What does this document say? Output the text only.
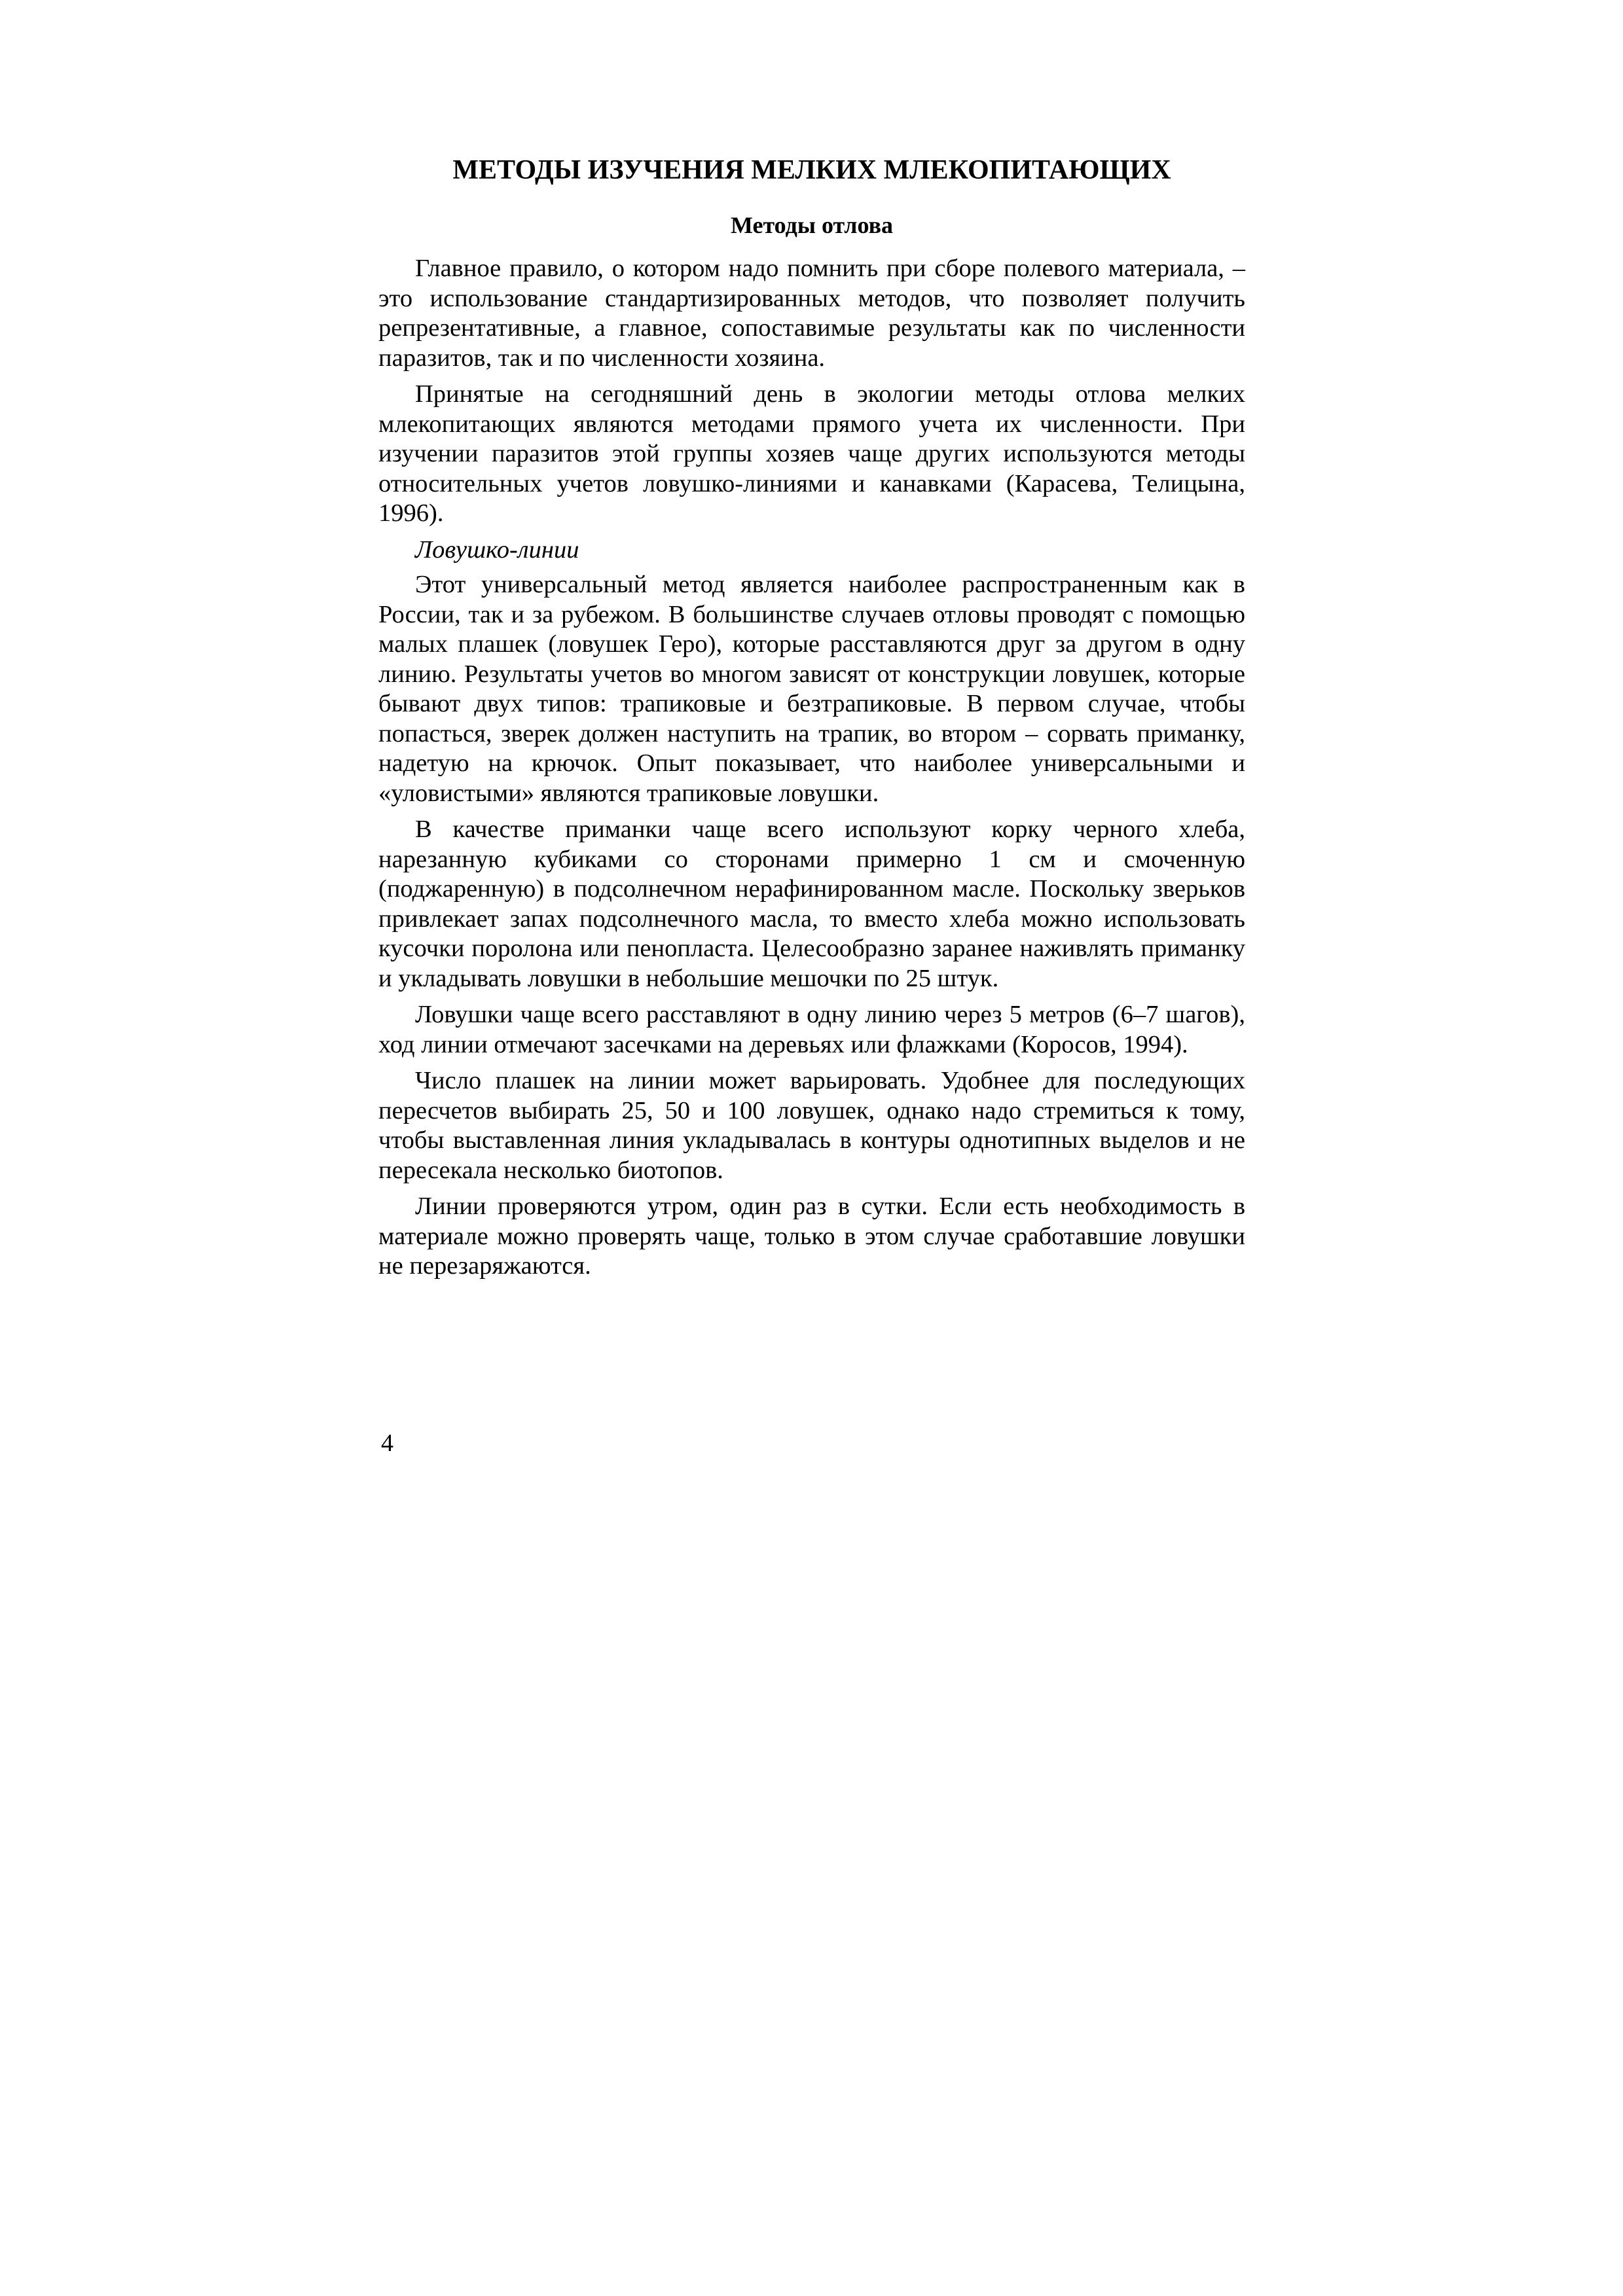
МЕТОДЫ ИЗУЧЕНИЯ МЕЛКИХ МЛЕКОПИТАЮЩИХ
Методы отлова

Главное правило, о котором надо помнить при сборе полевого материала, – это использование стандартизированных методов, что позволяет получить репрезентативные, а главное, сопоставимые результаты как по численности паразитов, так и по численности хозяина.

Принятые на сегодняшний день в экологии методы отлова мелких млекопитающих являются методами прямого учета их численности. При изучении паразитов этой группы хозяев чаще других используются методы относительных учетов ловушко-линиями и канавками (Карасева, Телицына, 1996).

Ловушко-линии

Этот универсальный метод является наиболее распространенным как в России, так и за рубежом. В большинстве случаев отловы проводят с помощью малых плашек (ловушек Геро), которые расставляются друг за другом в одну линию. Результаты учетов во многом зависят от конструкции ловушек, которые бывают двух типов: трапиковые и безтрапиковые. В первом случае, чтобы попасться, зверек должен наступить на трапик, во втором – сорвать приманку, надетую на крючок. Опыт показывает, что наиболее универсальными и «уловистыми» являются трапиковые ловушки.

В качестве приманки чаще всего используют корку черного хлеба, нарезанную кубиками со сторонами примерно 1 см и смоченную (поджаренную) в подсолнечном нерафинированном масле. Поскольку зверьков привлекает запах подсолнечного масла, то вместо хлеба можно использовать кусочки поролона или пенопласта. Целесообразно заранее наживлять приманку и укладывать ловушки в небольшие мешочки по 25 штук.

Ловушки чаще всего расставляют в одну линию через 5 метров (6–7 шагов), ход линии отмечают засечками на деревьях или флажками (Коросов, 1994).

Число плашек на линии может варьировать. Удобнее для последующих пересчетов выбирать 25, 50 и 100 ловушек, однако надо стремиться к тому, чтобы выставленная линия укладывалась в контуры однотипных выделов и не пересекала несколько биотопов.

Линии проверяются утром, один раз в сутки. Если есть необходимость в материале можно проверять чаще, только в этом случае сработавшие ловушки не перезаряжаются.

4
